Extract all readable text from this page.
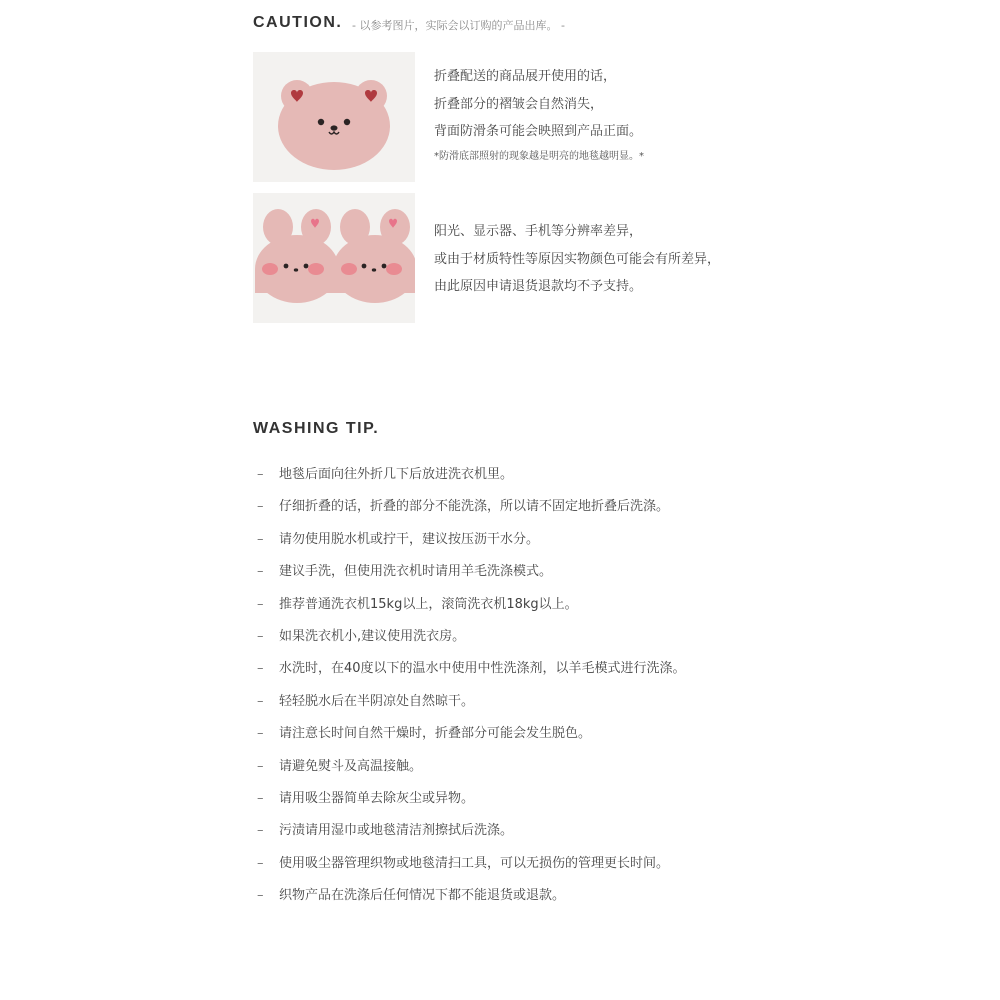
CAUTION. - 以参考图片，实际会以订购的产品出库。 -
折叠配送的商品展开使用的话，
折叠部分的褶皱会自然消失，
背面防滑条可能会映照到产品正面。
*防滑底部照射的现象越是明亮的地毯越明显。*
阳光、显示器、手机等分辨率差异，
或由于材质特性等原因实物颜色可能会有所差异，
由此原因申请退货退款均不予支持。
WASHING TIP.
– 地毯后面向往外折几下后放进洗衣机里。
– 仔细折叠的话，折叠的部分不能洗涤，所以请不固定地折叠后洗涤。
– 请勿使用脱水机或拧干，建议按压沥干水分。
– 建议手洗，但使用洗衣机时请用羊毛洗涤模式。
– 推荐普通洗衣机15kg以上，滚筒洗衣机18kg以上。
– 如果洗衣机小,建议使用洗衣房。
– 水洗时，在40度以下的温水中使用中性洗涤剂，以羊毛模式进行洗涤。
– 轻轻脱水后在半阴凉处自然晾干。
– 请注意长时间自然干燥时，折叠部分可能会发生脱色。
– 请避免熨斗及高温接触。
– 请用吸尘器简单去除灰尘或异物。
– 污渍请用湿巾或地毯清洁剂擦拭后洗涤。
– 使用吸尘器管理织物或地毯清扫工具，可以无损伤的管理更长时间。
– 织物产品在洗涤后任何情况下都不能退货或退款。
